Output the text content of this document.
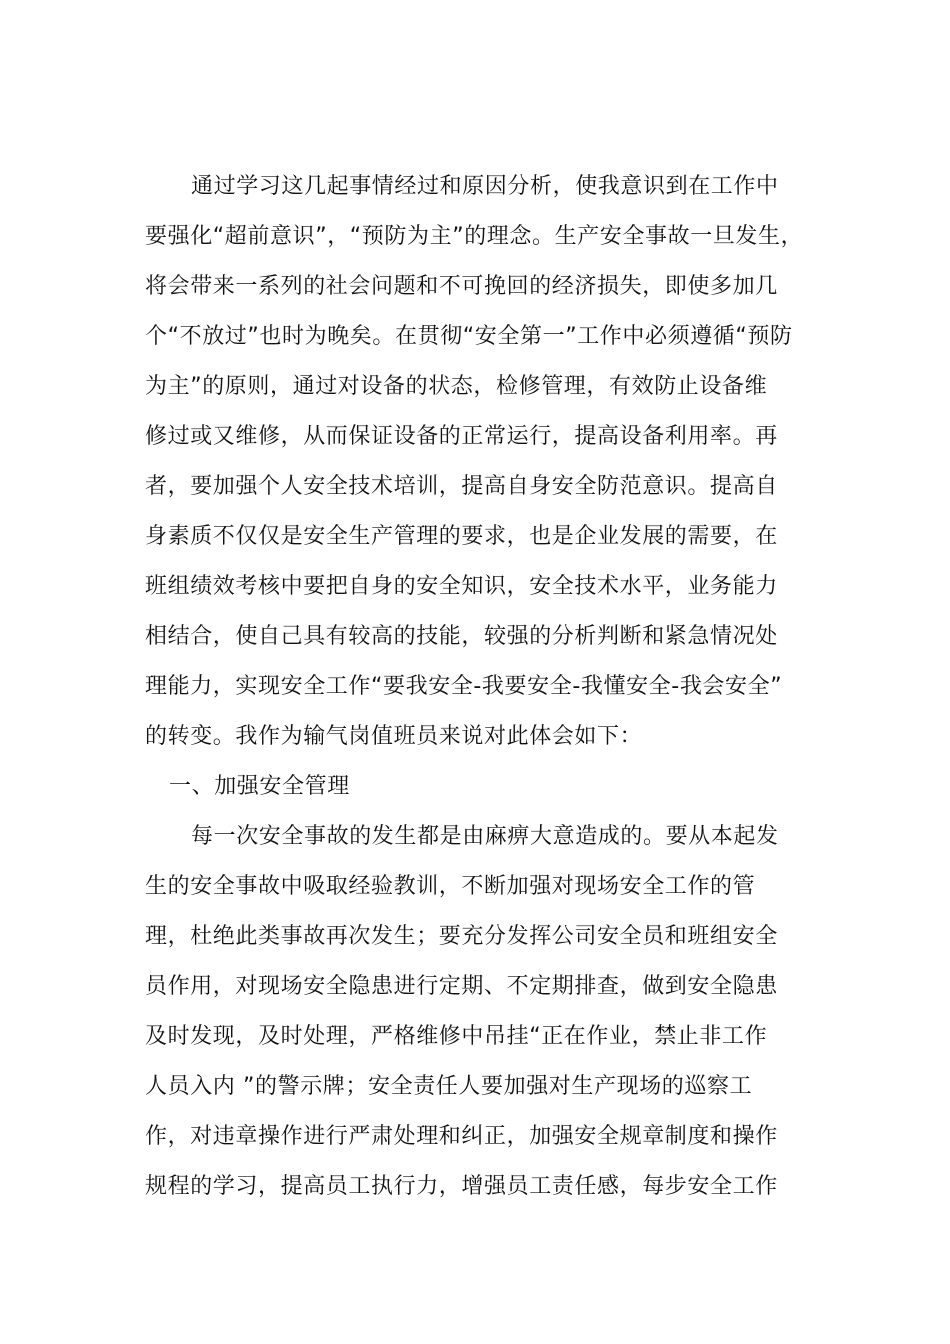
通过学习这几起事情经过和原因分析，使我意识到在工作中
要强化“超前意识”，“预防为主”的理念。生产安全事故一旦发生，
将会带来一系列的社会问题和不可挽回的经济损失，即使多加几
个“不放过”也时为晚矣。在贯彻“安全第一”工作中必须遵循“预防
为主”的原则，通过对设备的状态，检修管理，有效防止设备维
修过或又维修，从而保证设备的正常运行，提高设备利用率。再
者，要加强个人安全技术培训，提高自身安全防范意识。提高自
身素质不仅仅是安全生产管理的要求，也是企业发展的需要，在
班组绩效考核中要把自身的安全知识，安全技术水平，业务能力
相结合，使自己具有较高的技能，较强的分析判断和紧急情况处
理能力，实现安全工作“要我安全-我要安全-我懂安全-我会安全”
的转变。我作为输气岗值班员来说对此体会如下：
一、加强安全管理
每一次安全事故的发生都是由麻痹大意造成的。要从本起发
生的安全事故中吸取经验教训，不断加强对现场安全工作的管
理，杜绝此类事故再次发生；要充分发挥公司安全员和班组安全
员作用，对现场安全隐患进行定期、不定期排查，做到安全隐患
及时发现，及时处理，严格维修中吊挂“正在作业，禁止非工作
人员入内 ”的警示牌；安全责任人要加强对生产现场的巡察工
作，对违章操作进行严肃处理和纠正，加强安全规章制度和操作
规程的学习，提高员工执行力，增强员工责任感，每步安全工作
